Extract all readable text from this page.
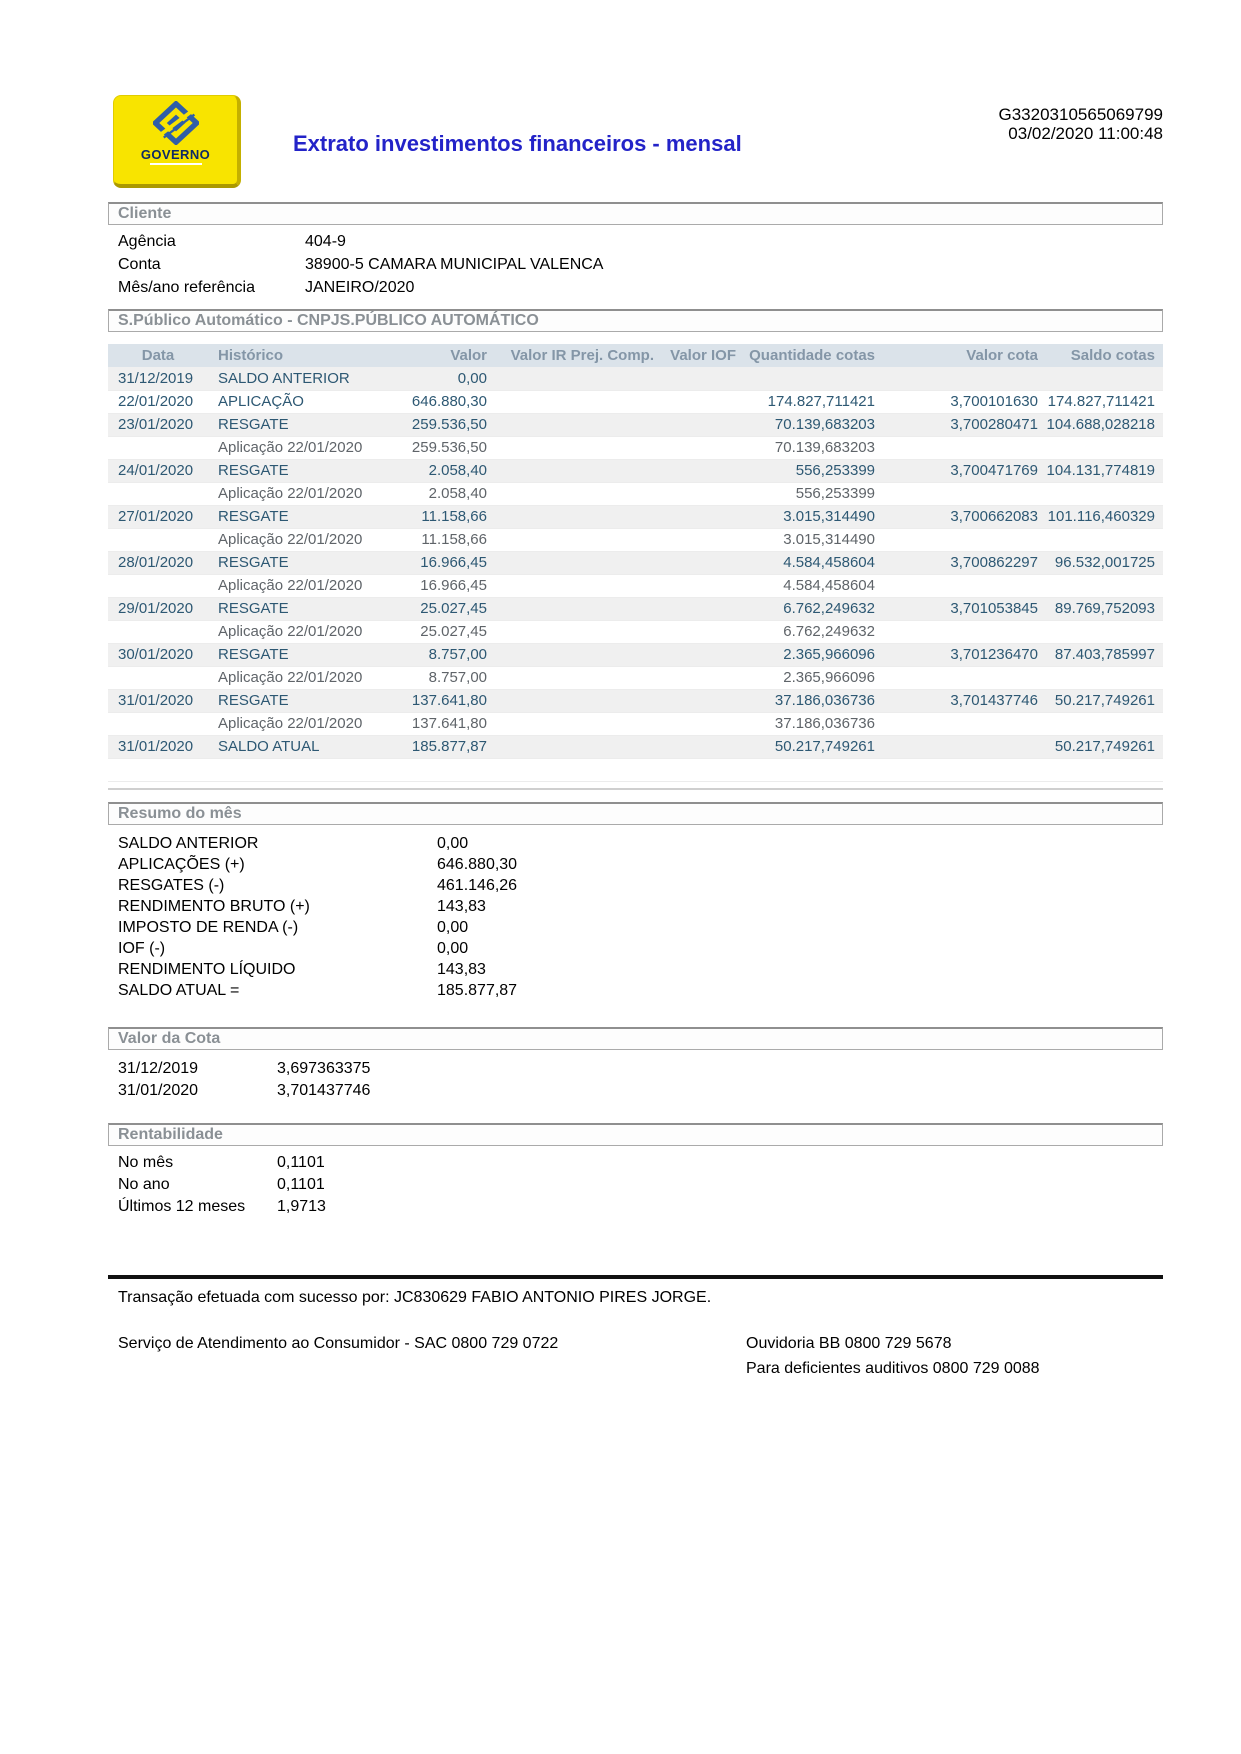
GOVERNO	Extrato investimentos financeiros - mensal
G3320310565069799
03/02/2020 11:00:48
Cliente
Agência	404-9
Conta	38900-5 CAMARA MUNICIPAL VALENCA
Mês/ano referência	JANEIRO/2020
S.Público Automático - CNPJS.PÚBLICO AUTOMÁTICO
Data	Histórico	Valor	Valor IR Prej. Comp.	Valor IOF	Quantidade cotas	Valor cota	Saldo cotas
31/12/2019	SALDO ANTERIOR	0,00					
22/01/2020	APLICAÇÃO	646.880,30			174.827,711421	3,700101630	174.827,711421
23/01/2020	RESGATE	259.536,50			70.139,683203	3,700280471	104.688,028218
	Aplicação 22/01/2020	259.536,50			70.139,683203		
24/01/2020	RESGATE	2.058,40			556,253399	3,700471769	104.131,774819
	Aplicação 22/01/2020	2.058,40			556,253399		
27/01/2020	RESGATE	11.158,66			3.015,314490	3,700662083	101.116,460329
	Aplicação 22/01/2020	11.158,66			3.015,314490		
28/01/2020	RESGATE	16.966,45			4.584,458604	3,700862297	96.532,001725
	Aplicação 22/01/2020	16.966,45			4.584,458604		
29/01/2020	RESGATE	25.027,45			6.762,249632	3,701053845	89.769,752093
	Aplicação 22/01/2020	25.027,45			6.762,249632		
30/01/2020	RESGATE	8.757,00			2.365,966096	3,701236470	87.403,785997
	Aplicação 22/01/2020	8.757,00			2.365,966096		
31/01/2020	RESGATE	137.641,80			37.186,036736	3,701437746	50.217,749261
	Aplicação 22/01/2020	137.641,80			37.186,036736		
31/01/2020	SALDO ATUAL	185.877,87			50.217,749261		50.217,749261

Resumo do mês
SALDO ANTERIOR	0,00
APLICAÇÕES (+)	646.880,30
RESGATES (-)	461.146,26
RENDIMENTO BRUTO (+)	143,83
IMPOSTO DE RENDA (-)	0,00
IOF (-)	0,00
RENDIMENTO LÍQUIDO	143,83
SALDO ATUAL =	185.877,87
Valor da Cota
31/12/2019	3,697363375
31/01/2020	3,701437746
Rentabilidade
No mês	0,1101
No ano	0,1101
Últimos 12 meses 1,9713

Transação efetuada com sucesso por: JC830629 FABIO ANTONIO PIRES JORGE.

Serviço de Atendimento ao Consumidor - SAC 0800 729 0722	Ouvidoria BB 0800 729 5678
Para deficientes auditivos 0800 729 0088
